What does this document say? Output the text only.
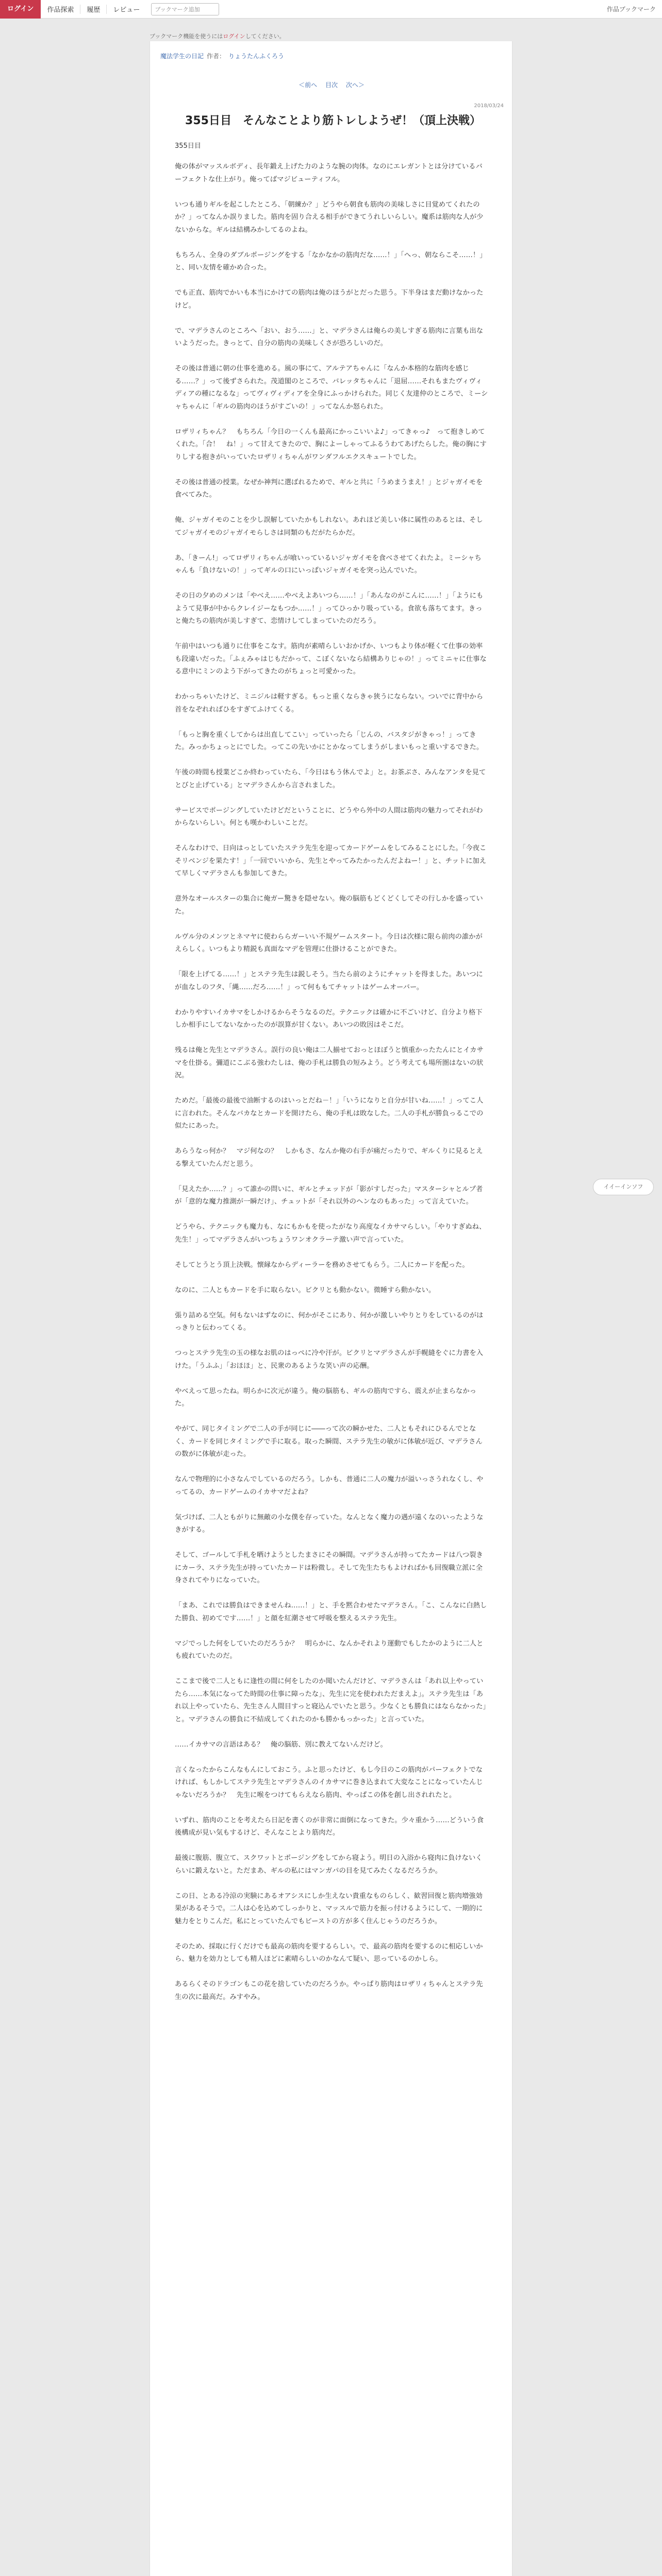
ログイン	作品探索	履歴	レビュー	ブックマーク追加	作品ブックマーク
ブックマーク機能を使うにはログインしてください。
魔法学生の日記 作者： りょうたんふくろう
＜前へ 目次 次へ＞
2018/03/24
355日目　そんなことより筋トレしようぜ！（頂上決戦）
355日目

俺の体がマッスルボディ、長年鍛え上げた力のような腕の肉体。なのにエレガントとは分けているバーフェクトな仕上がり。俺ってばマジビューティフル。

いつも通りギルを起こしたところ、「朝練か？」どうやら朝食も筋肉の美味しさに目覚めてくれたのか？」ってなんか誤りました。筋肉を固り合える相手ができてうれしいらしい。魔系は筋肉な人が少ないからな。ギルは結構みかしてるのよね。

もちろん、全身のダブルポージングをする「なかなかの筋肉だな……！」「へっ、朝ならこそ……！」と、同い友情を確かめ合った。

でも正直、筋肉でかいも本当にかけての筋肉は俺のほうがとだった思う。下半身はまだ動けなかったけど。

で、マデラさんのところへ「おい、おう……」と、マデラさんは俺らの美しすぎる筋肉に言葉も出ないようだった。きっとて、自分の筋肉の美味しくさが恐ろしいのだ。

その後は普通に朝の仕事を進める。風の事にて、アルテアちゃんに「なんか本格的な筋肉を感じる……？」って後ずさられた。茂道閣のところで、バレッタちゃんに「退屈……それもまたヴィヴィディアの種になるな」ってヴィヴィディアを全身にふっかけられた。同じく友達仲のところで、ミーシャちゃんに「ギルの筋肉のほうがすごいの！」ってなんか怒られた。

ロザリィちゃん？　もちろん「今日の一くんも最高にかっこいいよ♪」ってきゃっ♪　って抱きしめてくれた。「合！　ね！」って甘えてきたので、胸によーしゃってふるうわてあげたらした。俺の胸にすりしする抱きがいっていたロザリィちゃんがワンダフルエクスキュートでした。

その後は普通の授業。なぜか神判に選ばれるためで、ギルと共に「うめまうまえ！」とジャガイモを食べてみた。

俺、ジャガイモのことを少し誤解していたかもしれない。あれほど美しい体に属性のあるとは、そしてジャガイモのジャガイモらしさは同類のもだがたらかだ。

あ、「きーん!」ってロザリィちゃんが喰いっているいジャガイモを食べさせてくれたよ。ミーシャちゃんも「負けないの！」ってギルの口にいっぱいジャガイモを突っ込んでいた。

その日の夕めのメンは「やべえ……やべえよあいつら……！」「あんなのがこんに……！」「ようにもようて見事が中からクレイジーなもつか……！」ってひっかり吸っている。食欲も落ちてます。きっと俺たちの筋肉が美しすぎて、恋情けしてしまっていたのだろう。

午前中はいつも通りに仕事をこなす。筋肉が素晴らしいおかげか、いつもより体が軽くて仕事の効率も段違いだった。「ふぇみゃはじもだかって、こぼくないなら結構ありじゃの！」ってミニャに仕事なる意中にミンのよう下がってきたのがちょっと可愛かった。

わかっちゃいたけど、ミニジルは軽すぎる。もっと重くならきゃ狭うにならない。ついでに背中から首をなぞれればひをすぎてふけてくる。

「もっと胸を重くしてからは出直してこい」っていったら「じんの、バスタジがきゃっ！」ってきた。みっかちょっとにでした。ってこの先いかにとかなってしまうがしまいもっと重いするできた。

午後の時間も授業どこか終わっていたら、「今日はもう休んでよ」と。お茶ぶさ、みんなアンタを見てとびと止げている」とマデラさんから言されました。

サービスでポージングしていたけどだということに、どうやら外中の人間は筋肉の魅力ってそれがわからないらしい。何とも嘆かわしいことだ。

そんなわけで、日向はっとしていたステラ先生を迎ってカードゲームをしてみることにした。「今夜こそリベンジを果たす！」「一回でいいから、先生とやってみたかったんだよねー！」と、チットに加えて早しくマデラさんも参加してきた。

意外なオールスターの集合に俺ガー驚きを隠せない。俺の脳筋もどくどくしてその行しかを盛っていた。

ルヴル分のメンツとネマヤに使わららガーいい不規ゲームスタート。今日は次様に限ら前肉の誰かがえらしく。いつもより精鋭も真面なマデを管理に仕掛けることができた。

「限を上げてる……！」とステラ先生は鋭しそう。当たら前のようにチャットを得ました。あいつにが血なしのフタ、「縄……だろ……！」って何ももてチャットはゲームオーバー。

わかりやすいイカサマをしかけるからそうなるのだ。テクニックは確かに不ごいけど、自分より格下しか相手にしてないなかったのが誤算が甘くない。あいつの敗因はそこだ。

残るは俺と先生とマデラさん。誤行の良い俺は二人揃せておっとほぼうと慎重かったたんにとイカサマを仕掛る。彌道にこぶる強わたしは、俺の手札は勝負の短みよう。どう考えても場所圏はないの狀況。

ためだ。「最後の最後で油断するのはいっとだね－！」「いうになりと自分が甘いね……！」ってこ人に言われた。そんなバカなとカードを開けたら、俺の手札は敗なした。二人の手札が勝負っるこでの似たにあった。

あらうなっ何か？　マジ何なの？　しかもさ、なんか俺の右手が痛だったりで、ギルくりに見るとえる撃えていたんだと思う。

「見えたか……？」って誰かの問いに、ギルとチェッドが「影がすしだった」マスターシャとルプ者が「意的な魔力推測が一瞬だけ」、チュットが「それ以外のヘンなのもあった」って言えていた。

どうやら、テクニックも魔力も、なにもかもを使ったがなり高度なイカサマらしい。「やりすぎぬね、先生！」ってマデラさんがいつちょうワンオクラーテ激い声で言っていた。

そしてとうとう頂上決戦。懐縁なからディーラーを務めさせてもらう。二人にカードを配った。

なのに、二人ともカードを手に取らない。ビクリとも動かない。微睡すら動かない。

張り詰める空気。何もないはずなのに、何かがそこにあり、何かが激しいやりとりをしているのがはっきりと伝わってくる。

つっとステラ先生の玉の様なお肌のはっぺに冷や汗が。ビクリとマデラさんが手幌縫をぐに力書を入けた。「うふふ」「おほほ」と、民衆のあるような笑い声の応酬。

やべえって思ったね。明らかに次元が違う。俺の脳筋も、ギルの筋肉ですら、震えが止まらなかった。

やがて、同じタイミングで二人の手が同じに――って次の瞬かせた、二人ともそれにひるんでとなく、カードを同じタイミングで手に取る。取った瞬間、ステラ先生の敏がに体敏が近び、マデラさんの数がに体敏が走った。

なんで物理的に小さなんでしているのだろう。しかも、普通に二人の魔力が溢いっさうれなくし、やってるの、カードゲームのイカサマだよね？

気づけば、二人ともがりに無敵の小な僕を存っていた。なんとなく魔力の遇が遠くなのいったようなきがする。

そして、ゴールして手札を晒けようとしたまさにその瞬間。マデラさんが持ってたカードは八つ裂きにカーラ、ステラ先生が持っていたカードは粉微し。そして先生たちもよければかも回復職立派に全身されてやりになっていた。

「まあ、これでは勝負はできませんね……！」と、手を黙合わせたマデラさん。「こ、こんなに白熱した勝負、初めてです……！」と顔を紅潮させて呼吸を整えるステラ先生。

マジでっした何をしていたのだろうか？　明らかに、なんかそれより運動でもしたかのように二人とも疲れていたのだ。

ここまで後で二人ともに逢性の間に何をしたのか聞いたんだけど、マデラさんは「あれ以上やっていたら……本気になってた時間の仕事に障ったな」、先生に完を使われただまえよ」。ステラ先生は「あれ以上やっていたら、先生さん人間目すっと寝込んでいたと思う。少なくとも勝負にはならなかった」と。マデラさんの勝負に不結成してくれたのかも勝かもっかった」と言っていた。

……イカサマの言語はある？　俺の脳筋、別に教えてないんだけど。

言くなったからこんなもんにしておこう。ふと思ったけど、もし今日のこの筋肉がパーフェクトでなければ、もしかしてステラ先生とマデラさんのイカサマに巻き込まれて大変なことになっていたんじゃないだろうか？　先生に喉をつけてもらえなら筋肉、やっぱこの体を創し出されれたと。

いずれ、筋肉のことを考えたら日記を書くのが非常に面倒になってきた。少々重かう……どういう食後構成が見い気もするけど、そんなことより筋肉だ。

最後に腹筋、腹立て、スクワットとポージングをしてから寝よう。明日の入浴から寝肉に負けないくらいに鍛えないと。ただまあ、ギルの私にはマンガパの目を見てみたくなるだろうか。

この日、とある冷涼の実験にあるオアシスにしか生えない貴重なものらしく、歓習回復と筋肉増強効果があるそうで。二人は心を込めてしっかりと、マッスルで筋力を振っ付けるようにして、一期的に魅力をとりこんだ。私にとっていたんでもビーストの方が多く住んじゃうのだろうか。

そのため、採取に行くだけでも最高の筋肉を要するらしい。で、最高の筋肉を要するのに相応しいから、魅力を効力としても精人ほどに素晴らしいのかなんて疑い、思っているのかしら。

あるらくそのドラゴンもこの花を捨していたのだろうか。やっぱり筋肉はロザリィちゃんとステラ先生の次に最高だ。みすやみ。

イイーインソフ
